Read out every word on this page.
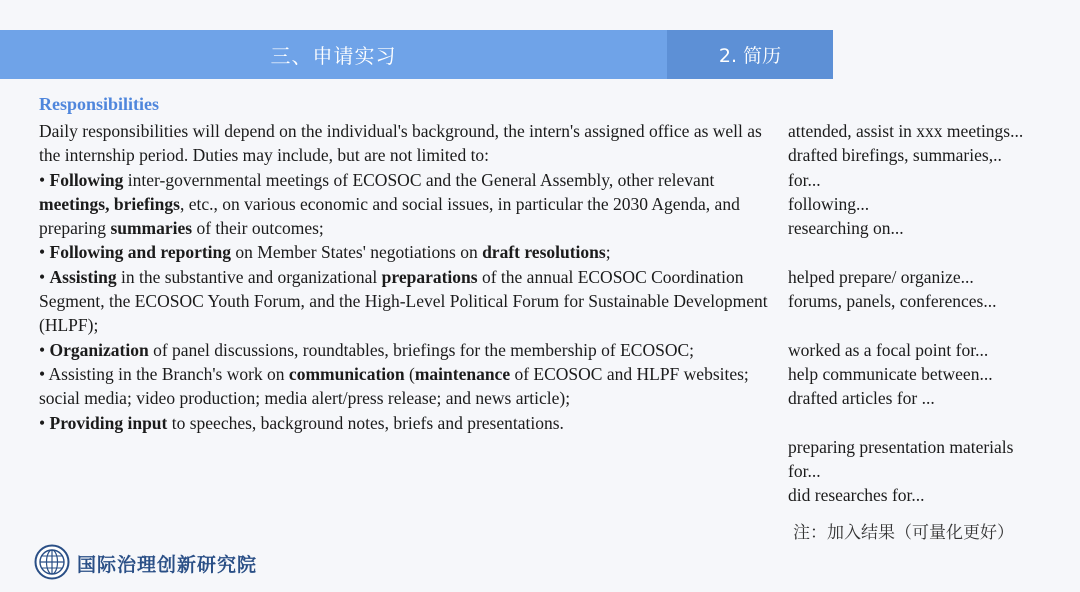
三、申请实习	2. 简历
Responsibilities

Daily responsibilities will depend on the individual's background, the intern's assigned office as well as the internship period. Duties may include, but are not limited to:

• Following inter-governmental meetings of ECOSOC and the General Assembly, other relevant meetings, briefings, etc., on various economic and social issues, in particular the 2030 Agenda, and preparing summaries of their outcomes;

• Following and reporting on Member States' negotiations on draft resolutions;

• Assisting in the substantive and organizational preparations of the annual ECOSOC Coordination Segment, the ECOSOC Youth Forum, and the High-Level Political Forum for Sustainable Development (HLPF);

• Organization of panel discussions, roundtables, briefings for the membership of ECOSOC;

• Assisting in the Branch's work on communication (maintenance of ECOSOC and HLPF websites; social media; video production; media alert/press release; and news article);

• Providing input to speeches, background notes, briefs and presentations.

attended, assist in xxx meetings...
drafted birefings, summaries,..
for...
following...
researching on...
helped prepare/ organize...
forums, panels, conferences...
worked as a focal point for...
help communicate between...
drafted articles for ...
preparing presentation materials
for...
did researches for...
注：加入结果（可量化更好）
国际治理创新研究院
